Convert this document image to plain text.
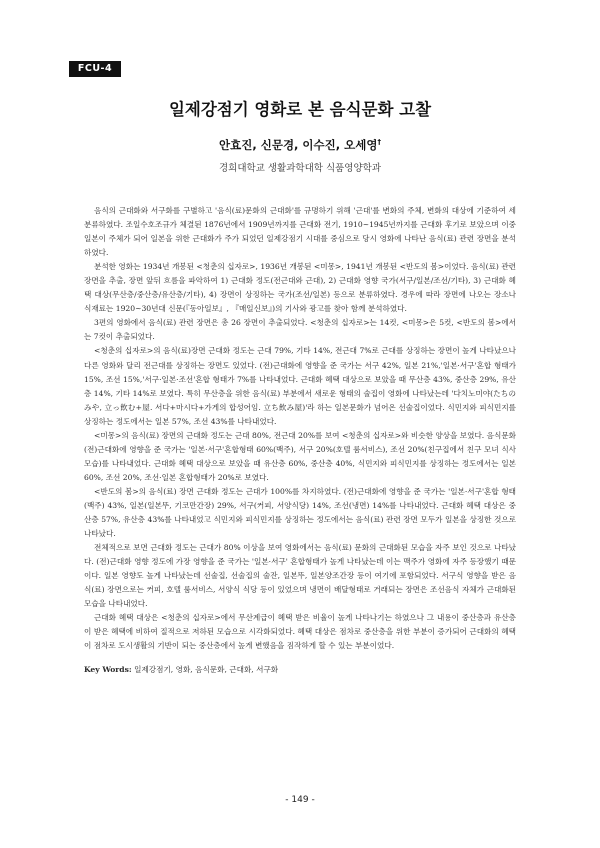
FCU-4
일제강점기 영화로 본 음식문화 고찰
안효진, 신문경, 이수진, 오세영†
경희대학교 생활과학대학 식품영양학과

음식의 근대화와 서구화를 구별하고 '음식(료)문화의 근대화'를 규명하기 위해 '근대'를 변화의 주체, 변화의 대상에 기준하여 세분류하였다. 조일수호조규가 체결된 1876년에서 1909년까지를 근대화 전기, 1910~1945년까지를 근대화 후기로 보았으며 이중 일본이 주체가 되어 일본을 위한 근대화가 주가 되었던 일제강점기 시대를 중심으로 당시 영화에 나타난 음식(료) 관련 장면을 분석하였다.

분석한 영화는 1934년 개봉된 <청춘의 십자로>, 1936년 개봉된 <미몽>, 1941년 개봉된 <반도의 봄>이었다. 음식(료) 관련 장면을 추출, 장면 앞뒤 흐름을 파악하여 1) 근대화 정도(전근대와 근대), 2) 근대화 영향 국가(서구/일본/조선/기타), 3) 근대화 혜택 대상(무산층/중산층/유산층/기타), 4) 장면이 상징하는 국가(조선/일본) 등으로 분류하였다. 경우에 따라 장면에 나오는 장소나 식재료는 1920~30년대 신문(『동아일보』, 『매일신보』)의 기사와 광고를 찾아 함께 분석하였다.

3편의 영화에서 음식(료) 관련 장면은 총 26 장면이 추출되었다. <청춘의 십자로>는 14컷, <미몽>은 5컷, <반도의 봄>에서는 7컷이 추출되었다.

<청춘의 십자로>의 음식(료)장면 근대화 정도는 근대 79%, 기타 14%, 전근대 7%로 근대를 상징하는 장면이 높게 나타났으나 다른 영화와 달리 전근대를 상징하는 장면도 있었다. (전)근대화에 영향을 준 국가는 서구 42%, 일본 21%,'일본·서구'혼합 형태가 15%, 조선 15%,'서구·일본·조선'혼합 형태가 7%를 나타내었다. 근대화 혜택 대상으로 보았을 때 무산층 43%, 중산층 29%, 유산층 14%, 기타 14%로 보였다. 특히 무산층을 위한 음식(료) 부분에서 새로운 형태의 술집이 영화에 나타났는데 '다치노미야(たちのみや, 立っ飲む+屋. 서다+마시다+가게의 합성어임. 立ち飲み屋)'라 하는 일본문화가 넘어온 선술집이었다. 식민지와 피식민지를 상징하는 정도에서는 일본 57%, 조선 43%를 나타내었다.

<미몽>의 음식(료) 장면의 근대화 정도는 근대 80%, 전근대 20%를 보여 <청춘의 십자로>와 비슷한 양상을 보였다. 음식문화 (전)근대화에 영향을 준 국가는 '일본·서구'혼합형태 60%(백주), 서구 20%(호텔 룸서비스), 조선 20%(친구집에서 친구 모녀 식사모습)를 나타내었다. 근대화 혜택 대상으로 보았을 때 유산층 60%, 중산층 40%, 식민지와 피식민지를 상징하는 정도에서는 일본 60%, 조선 20%, 조선·일본 혼합형태가 20%로 보였다.

<반도의 봄>의 음식(료) 장면 근대화 정도는 근대가 100%를 차지하였다. (전)근대화에 영향을 준 국가는 '일본·서구'혼합 형태(백주) 43%, 일본(일본뚜, 기코만간장) 29%, 서구(커피, 서양식당) 14%, 조선(냉면) 14%를 나타내었다. 근대화 혜택 대상은 중산층 57%, 유산층 43%를 나타내었고 식민지와 피식민지를 상징하는 정도에서는 음식(료) 관련 장면 모두가 일본을 상징한 것으로 나타났다.

전체적으로 보면 근대화 정도는 근대가 80% 이상을 보여 영화에서는 음식(료) 문화의 근대화된 모습을 자주 보인 것으로 나타났다. (전)근대화 영향 정도에 가장 영향을 준 국가는 '일본·서구' 혼합형태가 높게 나타났는데 이는 맥주가 영화에 자주 등장했기 때문이다. 일본 영향도 높게 나타났는데 선술집, 선술집의 술잔, 일본뚜, 일본양조간장 등이 여기에 포함되었다. 서구식 영향을 받은 음식(료) 장면으로는 커피, 호텔 룸서비스, 서양식 식당 등이 있었으며 냉면이 배달형태로 거래되는 장면은 조선음식 자체가 근대화된 모습을 나타내었다.

근대화 혜택 대상은 <청춘의 십자로>에서 무산계급이 혜택 받은 비율이 높게 나타나기는 하였으나 그 내용이 중산층과 유산층이 받은 혜택에 비하여 질적으로 저하된 모습으로 시각화되었다. 혜택 대상은 점차로 중산층을 위한 부분이 증가되어 근대화의 혜택이 점차로 도시생활의 기반이 되는 중산층에서 높게 변했음을 짐작하게 할 수 있는 부분이었다.

Key Words: 일제강점기, 영화, 음식문화, 근대화, 서구화

- 149 -
